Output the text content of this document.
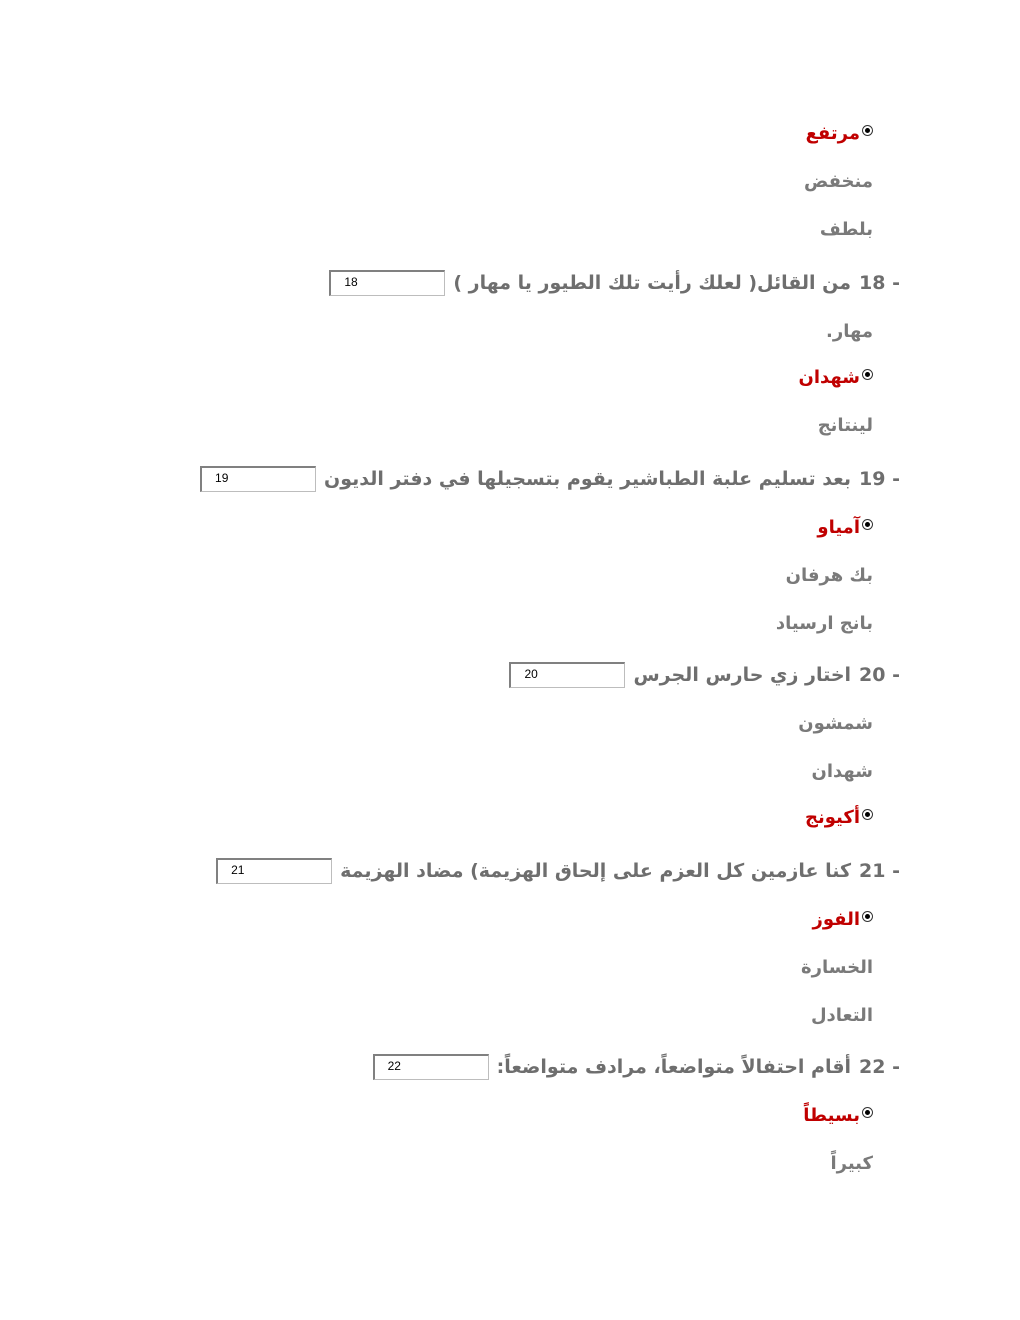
مرتفع
منخفض
بلطف
18	من القائل( لعلك رأيت تلك الطيور يا مهار ) 18 -
مهار.
شهدان
لينتانج
19	بعد تسليم علبة الطباشير يقوم بتسجيلها في دفتر الديون 19 -
آمياو
بك هرفان
بانج ارسياد
20	اختار زي حارس الجرس 20 -
شمشون
شهدان
أكيونج
21	كنا عازمين كل العزم على إلحاق الهزيمة) مضاد الهزيمة 21 -
الفوز
الخسارة
التعادل
22	أقام احتفالاً متواضعاً، مرادف متواضعاً: 22 -
بسيطاً
كبيراً
